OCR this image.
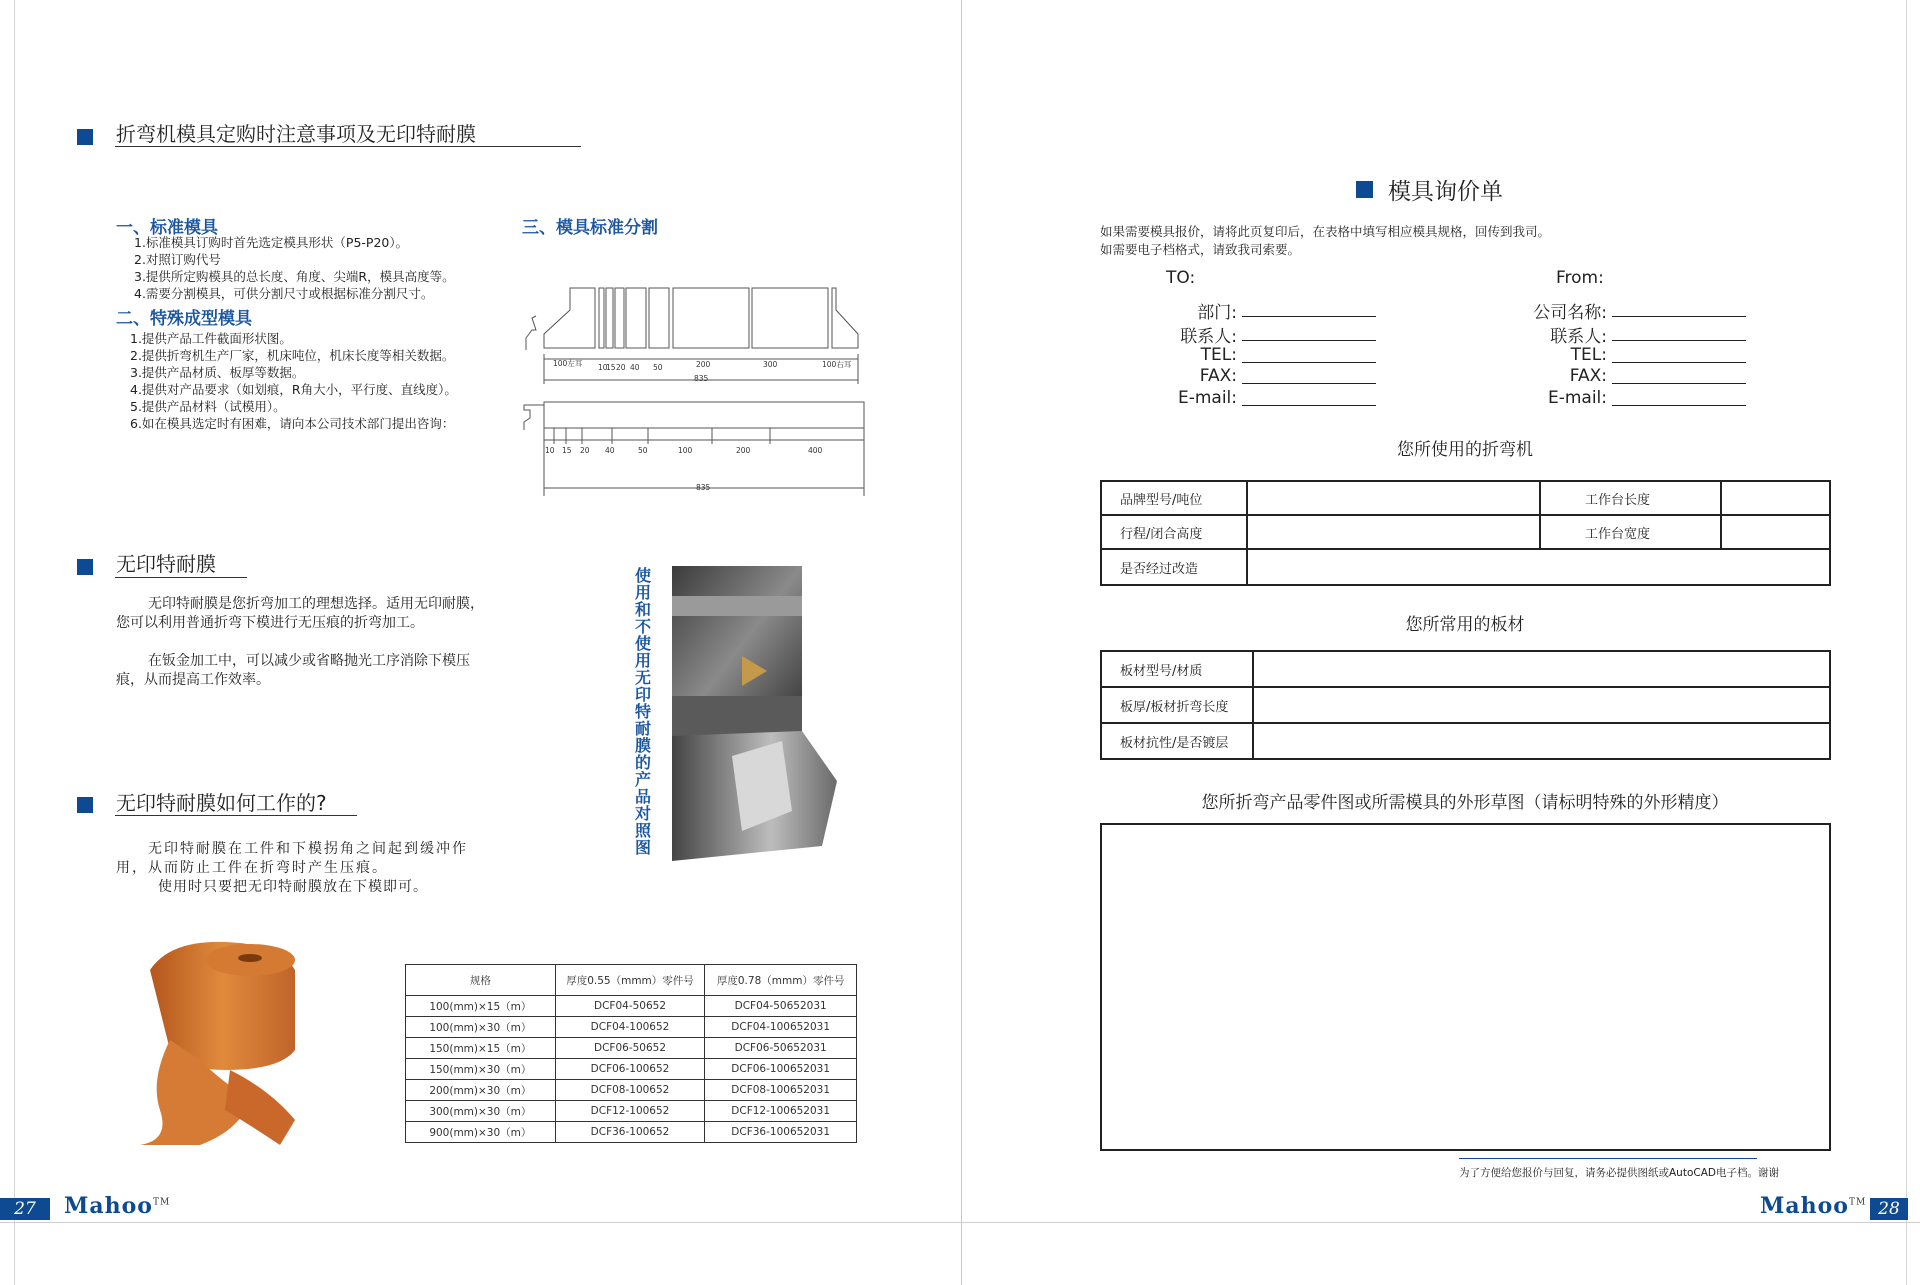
折弯机模具定购时注意事项及无印特耐膜
一、标准模具
1.标准模具订购时首先选定模具形状（P5-P20）。
2.对照订购代号
3.提供所定购模具的总长度、角度、尖端R，模具高度等。
4.需要分割模具，可供分割尺寸或根据标准分割尺寸。
二、特殊成型模具
1.提供产品工件截面形状图。
2.提供折弯机生产厂家，机床吨位，机床长度等相关数据。
3.提供产品材质、板厚等数据。
4.提供对产品要求（如划痕，R角大小，平行度、直线度）。
5.提供产品材料（试模用）。
6.如在模具选定时有困难，请向本公司技术部门提出咨询：
三、模具标准分割
100左耳 10
15 20 40 50	200	300	100右耳
835
10 15 20 40	50	100	200	400
835
无印特耐膜
无印特耐膜是您折弯加工的理想选择。适用无印耐膜，您可以利用普通折弯下模进行无压痕的折弯加工。
在钣金加工中，可以减少或省略抛光工序消除下模压痕，从而提高工作效率。
使用和不使用无印特耐膜的产品对照图
无印特耐膜如何工作的?
无印特耐膜在工件和下模拐角之间起到缓冲作用，从而防止工件在折弯时产生压痕。
使用时只要把无印特耐膜放在下模即可。
规格	厚度0.55（mmm）零件号	厚度0.78（mmm）零件号
100(mm)×15（m）	DCF04-50652	DCF04-50652031
100(mm)×30（m）	DCF04-100652	DCF04-100652031
150(mm)×15（m）	DCF06-50652	DCF06-50652031
150(mm)×30（m）	DCF06-100652	DCF06-100652031
200(mm)×30（m）	DCF08-100652	DCF08-100652031
300(mm)×30（m）	DCF12-100652	DCF12-100652031
900(mm)×30（m）	DCF36-100652	DCF36-100652031
27	Mahoo™
模具询价单
如果需要模具报价，请将此页复印后，在表格中填写相应模具规格，回传到我司。
如需要电子档格式，请致我司索要。
TO:
部门:
联系人:
TEL:
FAX:
E-mail:
From:
公司名称:
联系人:
TEL:
FAX:
E-mail:
您所使用的折弯机
品牌型号/吨位		工作台长度	
行程/闭合高度		工作台宽度	
是否经过改造			
您所常用的板材
板材型号/材质	
板厚/板材折弯长度	
板材抗性/是否镀层	
您所折弯产品零件图或所需模具的外形草图（请标明特殊的外形精度）
为了方便给您报价与回复，请务必提供图纸或AutoCAD电子档。谢谢
Mahoo™ 28
